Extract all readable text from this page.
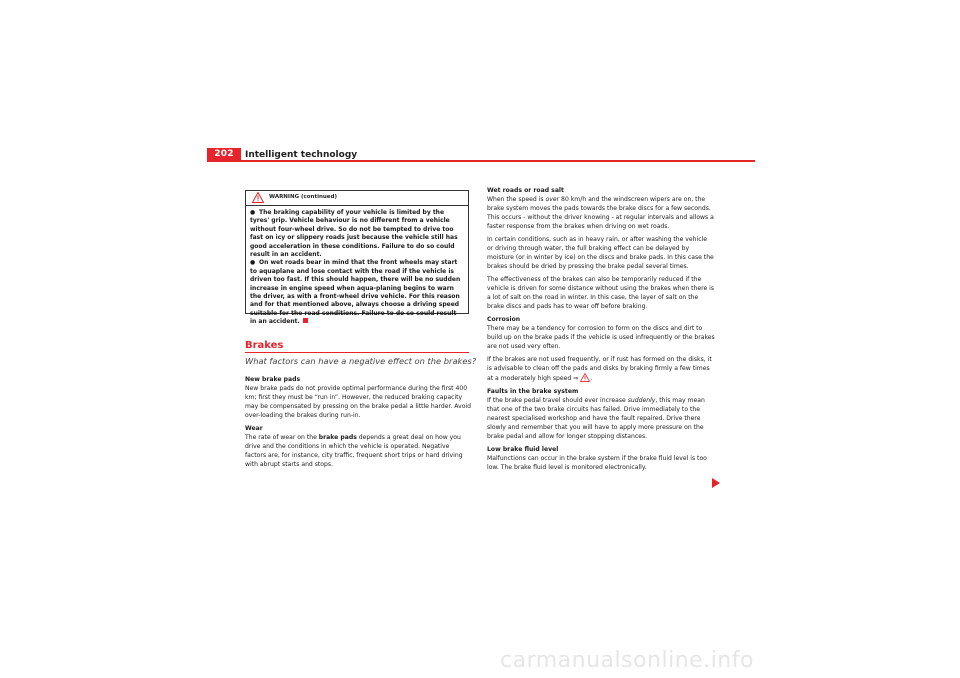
202	Intelligent technology
WARNING (continued)

● The braking capability of your vehicle is limited by the tyres' grip. Vehicle behaviour is no different from a vehicle without four-wheel drive. So do not be tempted to drive too fast on icy or slippery roads just because the vehicle still has good acceleration in these conditions. Failure to do so could result in an accident.

● On wet roads bear in mind that the front wheels may start to aquaplane and lose contact with the road if the vehicle is driven too fast. If this should happen, there will be no sudden increase in engine speed when aqua-planing begins to warn the driver, as with a front-wheel drive vehicle. For this reason and for that mentioned above, always choose a driving speed suitable for the road conditions. Failure to do so could result in an accident.

Brakes
What factors can have a negative effect on the brakes?
New brake pads

New brake pads do not provide optimal performance during the first 400 km; first they must be “run in”. However, the reduced braking capacity may be compensated by pressing on the brake pedal a little harder. Avoid over-loading the brakes during run-in.

Wear

The rate of wear on the brake pads depends a great deal on how you drive and the conditions in which the vehicle is operated. Negative factors are, for instance, city traffic, frequent short trips or hard driving with abrupt starts and stops.

Wet roads or road salt

When the speed is over 80 km/h and the windscreen wipers are on, the brake system moves the pads towards the brake discs for a few seconds. This occurs - without the driver knowing - at regular intervals and allows a faster response from the brakes when driving on wet roads.

In certain conditions, such as in heavy rain, or after washing the vehicle or driving through water, the full braking effect can be delayed by moisture (or in winter by ice) on the discs and brake pads. In this case the brakes should be dried by pressing the brake pedal several times.

The effectiveness of the brakes can also be temporarily reduced if the vehicle is driven for some distance without using the brakes when there is a lot of salt on the road in winter. In this case, the layer of salt on the brake discs and pads has to wear off before braking.

Corrosion

There may be a tendency for corrosion to form on the discs and dirt to build up on the brake pads if the vehicle is used infrequently or the brakes are not used very often.

If the brakes are not used frequently, or if rust has formed on the disks, it is advisable to clean off the pads and disks by braking firmly a few times at a moderately high speed ⇒ .

Faults in the brake system

If the brake pedal travel should ever increase suddenly, this may mean that one of the two brake circuits has failed. Drive immediately to the nearest specialised workshop and have the fault repaired. Drive there slowly and remember that you will have to apply more pressure on the brake pedal and allow for longer stopping distances.

Low brake fluid level

Malfunctions can occur in the brake system if the brake fluid level is too low. The brake fluid level is monitored electronically.

carmanualsonline.info
